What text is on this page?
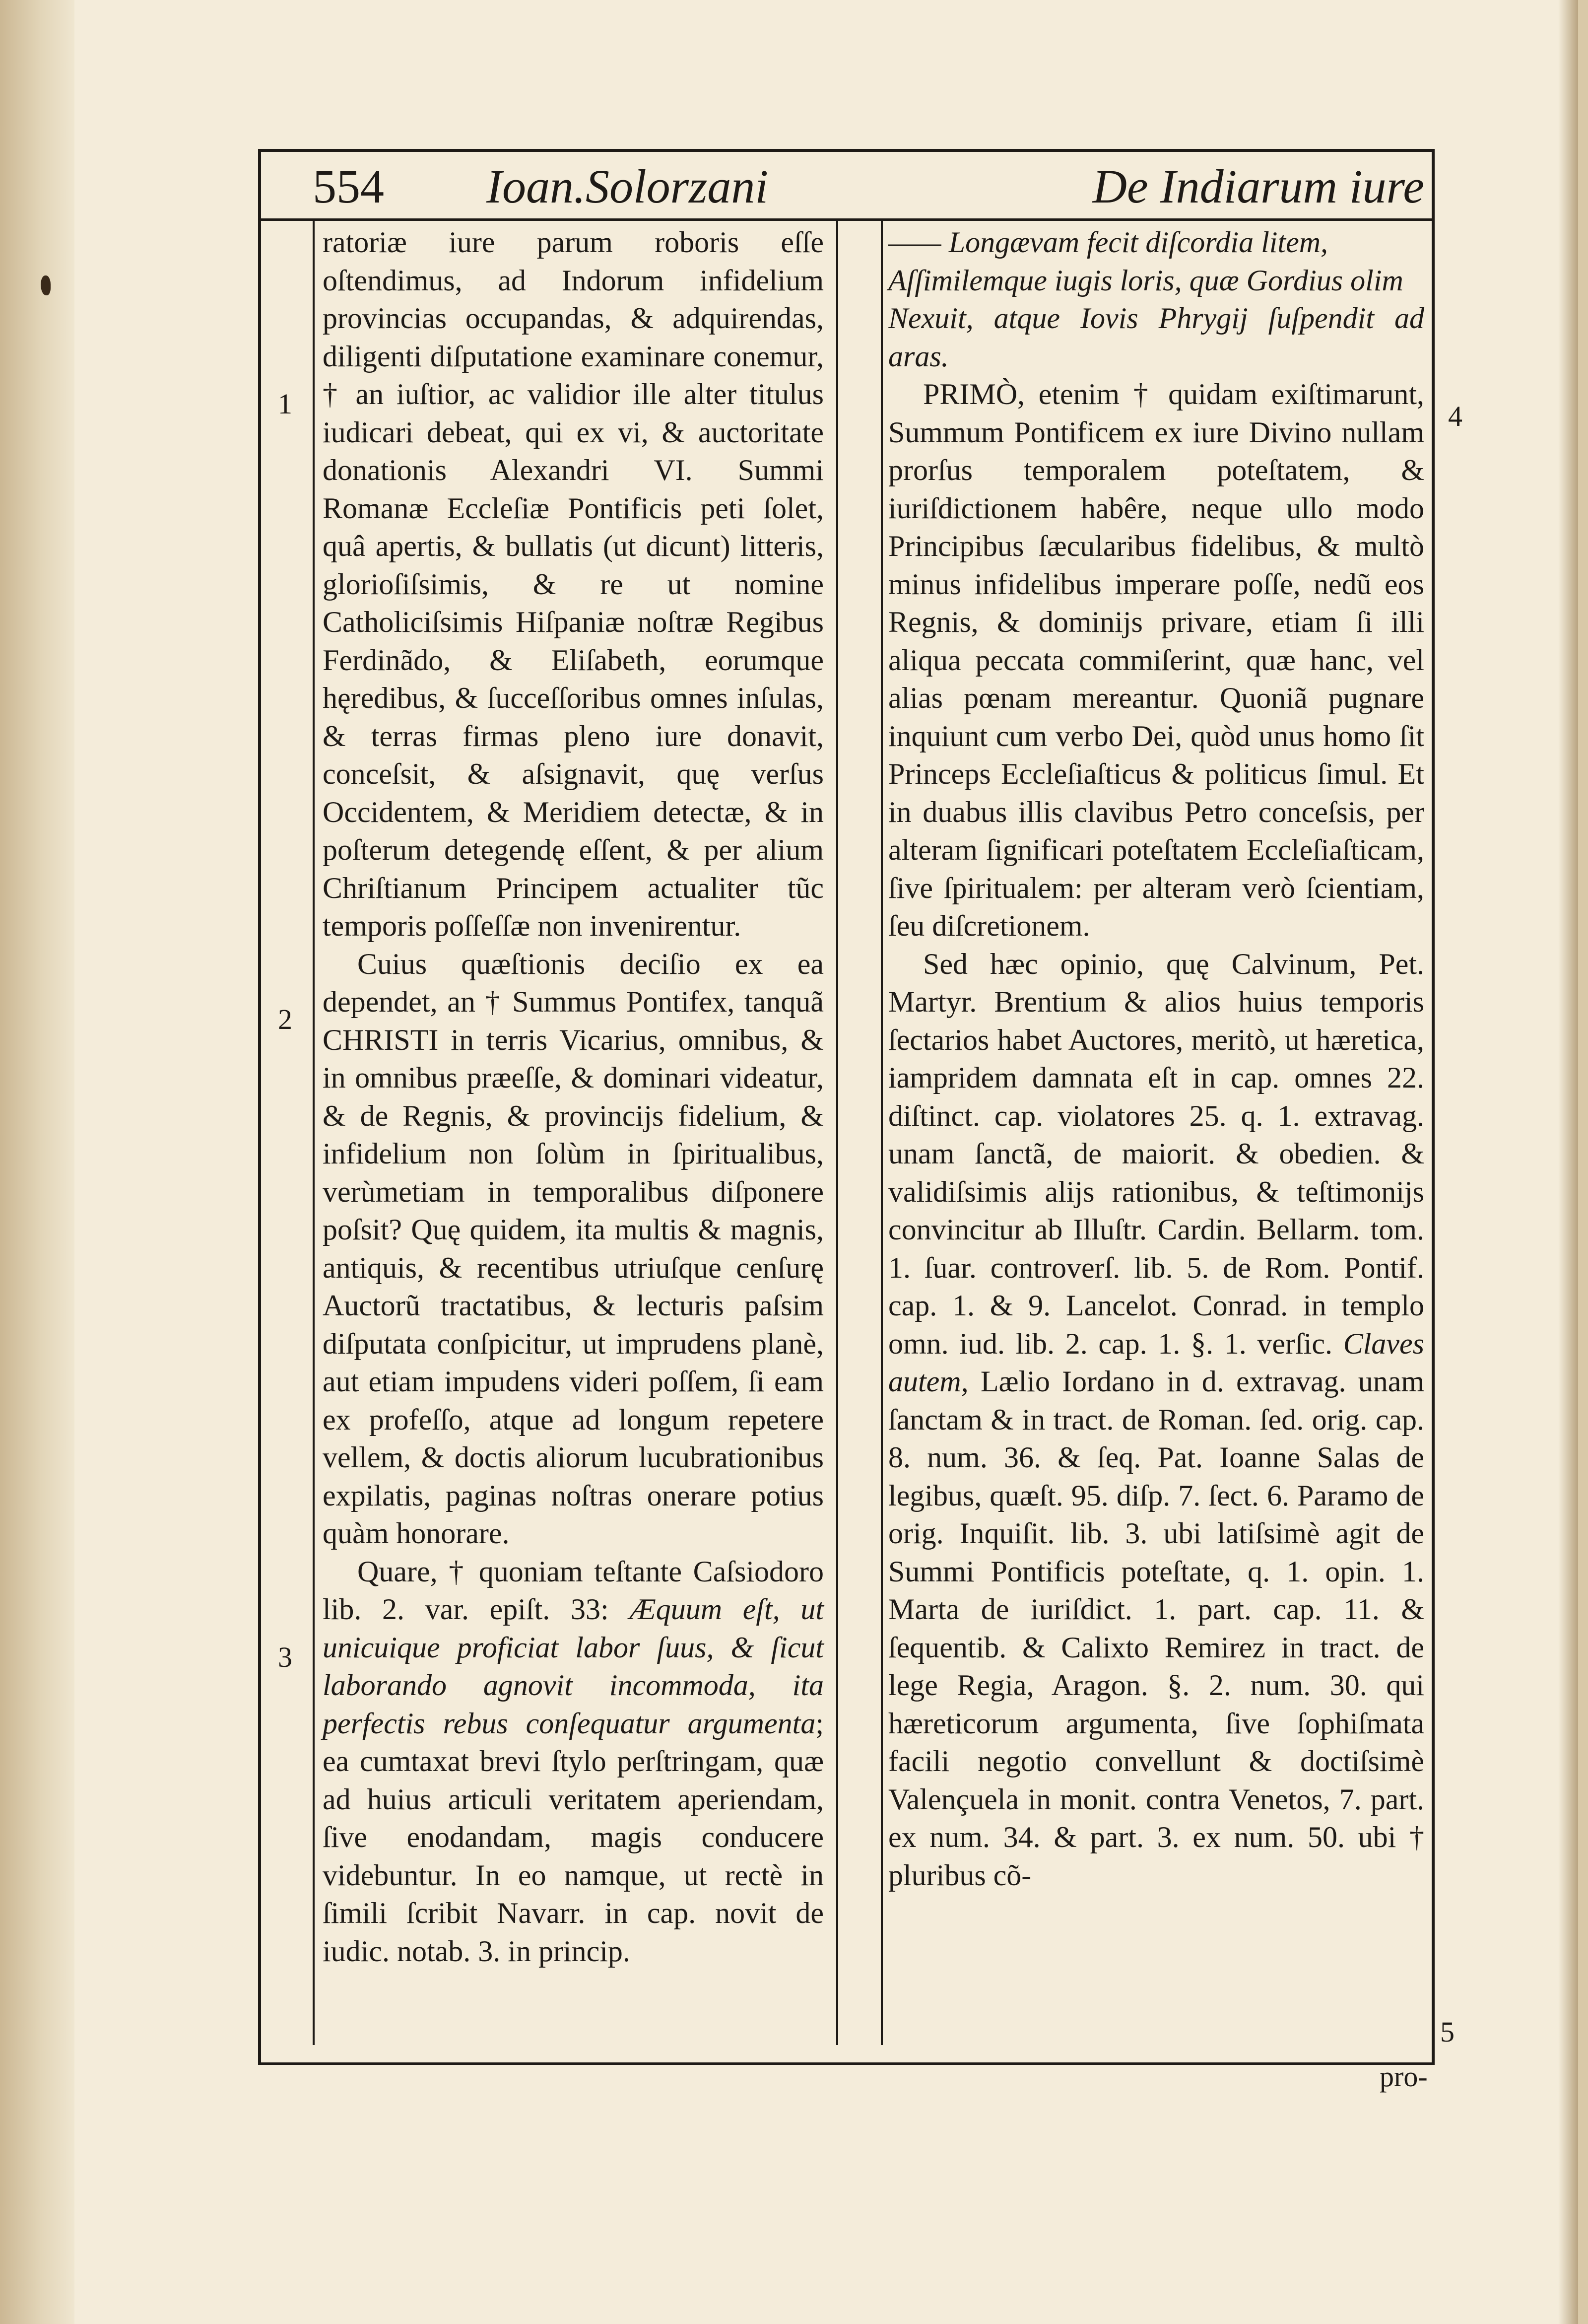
554 Ioan.Solorzani	De Indiarum iure
1
2
3
4
5

ratoriæ iure parum roboris eſſe oſtendimus, ad Indorum infidelium provincias occupandas, & adquirendas, diligenti diſputatione examinare conemur, † an iuſtior, ac validior ille alter titulus iudicari debeat, qui ex vi, & auctoritate donationis Alexandri VI. Summi Romanæ Eccleſiæ Pontificis peti ſolet, quâ apertis, & bullatis (ut dicunt) litteris, glorioſiſsimis, & re ut nomine Catholiciſsimis Hiſpaniæ noſtræ Regibus Ferdinãdo, & Eliſabeth, eorumque hęredibus, & ſucceſſoribus omnes inſulas, & terras firmas pleno iure donavit, conceſsit, & aſsignavit, quę verſus Occidentem, & Meridiem detectæ, & in poſterum detegendę eſſent, & per alium Chriſtianum Principem actualiter tũc temporis poſſeſſæ non invenirentur.

Cuius quæſtionis deciſio ex ea dependet, an † Summus Pontifex, tanquã CHRISTI in terris Vicarius, omnibus, & in omnibus præeſſe, & dominari videatur, & de Regnis, & provincijs fidelium, & infidelium non ſolùm in ſpiritualibus, verùmetiam in temporalibus diſponere poſsit? Quę quidem, ita multis & magnis, antiquis, & recentibus utriuſque cenſurę Auctorũ tractatibus, & lecturis paſsim diſputata conſpicitur, ut imprudens planè, aut etiam impudens videri poſſem, ſi eam ex profeſſo, atque ad longum repetere vellem, & doctis aliorum lucubrationibus expilatis, paginas noſtras onerare potius quàm honorare.

Quare, † quoniam teſtante Caſsiodoro lib. 2. var. epiſt. 33: Æquum eſt, ut unicuique proficiat labor ſuus, & ſicut laborando agnovit incommoda, ita perfectis rebus conſequatur argumenta; ea cumtaxat brevi ſtylo perſtringam, quæ ad huius articuli veritatem aperiendam, ſive enodandam, magis conducere videbuntur. In eo namque, ut rectè in ſimili ſcribit Navarr. in cap. novit de iudic. notab. 3. in princip.

—— Longævam fecit diſcordia litem,

Aſſimilemque iugis loris, quæ Gordius olim

Nexuit, atque Iovis Phrygij ſuſpendit ad aras.

PRIMÒ, etenim † quidam exiſtimarunt, Summum Pontificem ex iure Divino nullam prorſus temporalem poteſtatem, & iuriſdictionem habêre, neque ullo modo Principibus ſæcularibus fidelibus, & multò minus infidelibus imperare poſſe, nedũ eos Regnis, & dominijs privare, etiam ſi illi aliqua peccata commiſerint, quæ hanc, vel alias pœnam mereantur. Quoniã pugnare inquiunt cum verbo Dei, quòd unus homo ſit Princeps Eccleſiaſticus & politicus ſimul. Et in duabus illis clavibus Petro conceſsis, per alteram ſignificari poteſtatem Eccleſiaſticam, ſive ſpiritualem: per alteram verò ſcientiam, ſeu diſcretionem.

Sed hæc opinio, quę Calvinum, Pet. Martyr. Brentium & alios huius temporis ſectarios habet Auctores, meritò, ut hæretica, iampridem damnata eſt in cap. omnes 22. diſtinct. cap. violatores 25. q. 1. extravag. unam ſanctã, de maiorit. & obedien. & validiſsimis alijs rationibus, & teſtimonijs convincitur ab Illuſtr. Cardin. Bellarm. tom. 1. ſuar. controverſ. lib. 5. de Rom. Pontif. cap. 1. & 9. Lancelot. Conrad. in templo omn. iud. lib. 2. cap. 1. §. 1. verſic. Claves autem, Lælio Iordano in d. extravag. unam ſanctam & in tract. de Roman. ſed. orig. cap. 8. num. 36. & ſeq. Pat. Ioanne Salas de legibus, quæſt. 95. diſp. 7. ſect. 6. Paramo de orig. Inquiſit. lib. 3. ubi latiſsimè agit de Summi Pontificis poteſtate, q. 1. opin. 1. Marta de iuriſdict. 1. part. cap. 11. & ſequentib. & Calixto Remirez in tract. de lege Regia, Aragon. §. 2. num. 30. qui hæreticorum argumenta, ſive ſophiſmata facili negotio convellunt & doctiſsimè Valençuela in monit. contra Venetos, 7. part. ex num. 34. & part. 3. ex num. 50. ubi † pluribus cõ-

pro-
